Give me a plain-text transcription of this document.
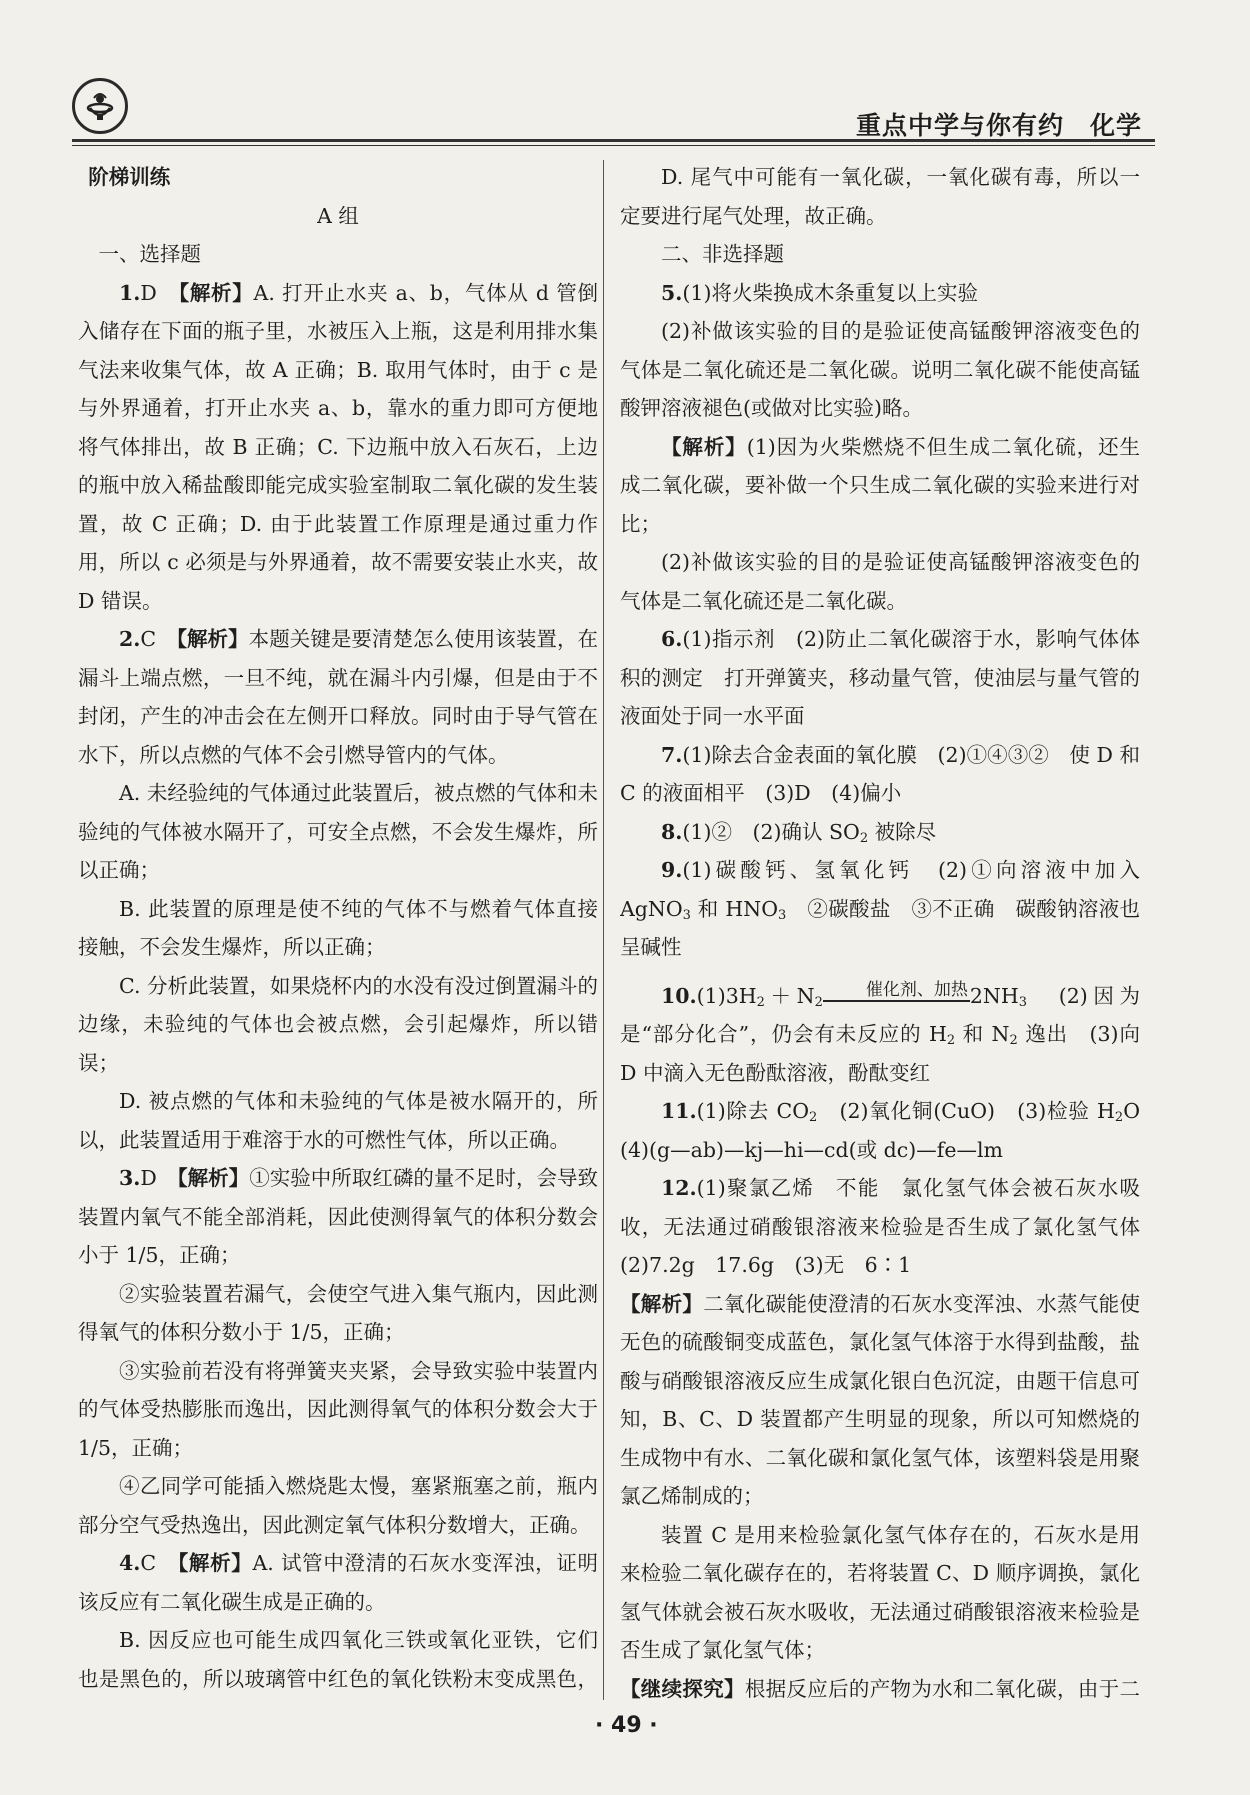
重点中学与你有约　化学

阶梯训练

A 组

一、选择题

1.D　 【解析】A. 打开止水夹 a、b，气体从 d 管倒入储存在下面的瓶子里，水被压入上瓶，这是利用排水集气法来收集气体，故 A 正确；B. 取用气体时，由于 c 是与外界通着，打开止水夹 a、b，靠水的重力即可方便地将气体排出，故 B 正确；C. 下边瓶中放入石灰石，上边的瓶中放入稀盐酸即能完成实验室制取二氧化碳的发生装置，故 C 正确；D. 由于此装置工作原理是通过重力作用，所以 c 必须是与外界通着，故不需要安装止水夹，故 D 错误。

2.C　 【解析】本题关键是要清楚怎么使用该装置，在漏斗上端点燃，一旦不纯，就在漏斗内引爆，但是由于不封闭，产生的冲击会在左侧开口释放。同时由于导气管在水下，所以点燃的气体不会引燃导管内的气体。

A. 未经验纯的气体通过此装置后，被点燃的气体和未验纯的气体被水隔开了，可安全点燃，不会发生爆炸，所以正确；

B. 此装置的原理是使不纯的气体不与燃着气体直接接触，不会发生爆炸，所以正确；

C. 分析此装置，如果烧杯内的水没有没过倒置漏斗的边缘，未验纯的气体也会被点燃，会引起爆炸，所以错误；

D. 被点燃的气体和未验纯的气体是被水隔开的，所以，此装置适用于难溶于水的可燃性气体，所以正确。

3.D　 【解析】①实验中所取红磷的量不足时，会导致装置内氧气不能全部消耗，因此使测得氧气的体积分数会小于 1/5，正确；

②实验装置若漏气，会使空气进入集气瓶内，因此测得氧气的体积分数小于 1/5，正确；

③实验前若没有将弹簧夹夹紧，会导致实验中装置内的气体受热膨胀而逸出，因此测得氧气的体积分数会大于 1/5，正确；

④乙同学可能插入燃烧匙太慢，塞紧瓶塞之前，瓶内部分空气受热逸出，因此测定氧气体积分数增大，正确。

4.C　 【解析】A. 试管中澄清的石灰水变浑浊，证明该反应有二氧化碳生成是正确的。

B. 因反应也可能生成四氧化三铁或氧化亚铁，它们也是黑色的，所以玻璃管中红色的氧化铁粉末变成黑色，

D. 尾气中可能有一氧化碳，一氧化碳有毒，所以一定要进行尾气处理，故正确。

二、非选择题

5.(1)将火柴换成木条重复以上实验

(2)补做该实验的目的是验证使高锰酸钾溶液变色的气体是二氧化硫还是二氧化碳。说明二氧化碳不能使高锰酸钾溶液褪色(或做对比实验)略。

【解析】(1)因为火柴燃烧不但生成二氧化硫，还生成二氧化碳，要补做一个只生成二氧化碳的实验来进行对比；

(2)补做该实验的目的是验证使高锰酸钾溶液变色的气体是二氧化硫还是二氧化碳。

6.(1)指示剂　(2)防止二氧化碳溶于水，影响气体体积的测定　打开弹簧夹，移动量气管，使油层与量气管的液面处于同一水平面

7.(1)除去合金表面的氧化膜　(2)①④③②　使 D 和 C 的液面相平　(3)D　(4)偏小

8.(1)②　(2)确认 $SO_2$ 被除尽

9.(1)碳酸钙、氢氧化钙　(2)①向溶液中加入 AgNO$_3$ 和 $HNO_3$　②碳酸盐　③不正确　碳酸钠溶液也呈碱性

$10.(1)3H_2+N_2$催化剂、加热$2NH_3$　(2)因为是“部分化合”，仍会有未反应的 $H_2$ 和 $N_2$ 逸出　(3)向 D 中滴入无色酚酞溶液，酚酞变红

11.(1)除去 $CO_2$　(2)氧化铜(CuO)　(3)检验 $H_2O$　(4)(g—ab)—kj—hi—cd(或 dc)—fe—lm

12.(1)聚氯乙烯　不能　氯化氢气体会被石灰水吸收，无法通过硝酸银溶液来检验是否生成了氯化氢气体　(2)7.2g　17.6g　(3)无　6∶1

【解析】二氧化碳能使澄清的石灰水变浑浊、水蒸气能使无色的硫酸铜变成蓝色，氯化氢气体溶于水得到盐酸，盐酸与硝酸银溶液反应生成氯化银白色沉淀，由题干信息可知，B、C、D 装置都产生明显的现象，所以可知燃烧的生成物中有水、二氧化碳和氯化氢气体，该塑料袋是用聚氯乙烯制成的；

装置 C 是用来检验氯化氢气体存在的，石灰水是用来检验二氧化碳存在的，若将装置 C、D 顺序调换，氯化氢气体就会被石灰水吸收，无法通过硝酸银溶液来检验是否生成了氯化氢气体；

【继续探究】根据反应后的产物为水和二氧化碳，由于二

· 49 ·
